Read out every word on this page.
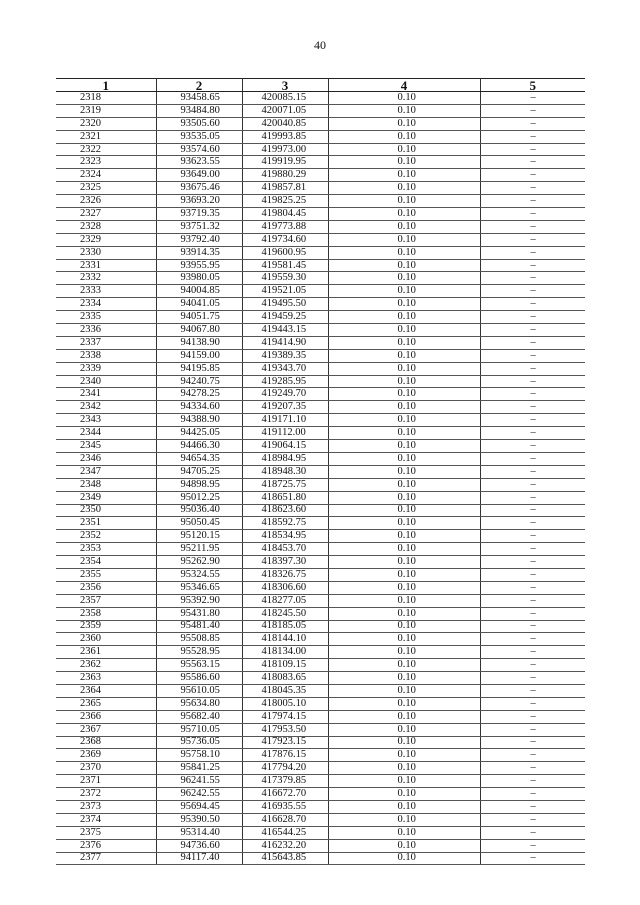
40
1	2	3	4	5
2318	93458.65	420085.15	0.10	–
2319	93484.80	420071.05	0.10	–
2320	93505.60	420040.85	0.10	–
2321	93535.05	419993.85	0.10	–
2322	93574.60	419973.00	0.10	–
2323	93623.55	419919.95	0.10	–
2324	93649.00	419880.29	0.10	–
2325	93675.46	419857.81	0.10	–
2326	93693.20	419825.25	0.10	–
2327	93719.35	419804.45	0.10	–
2328	93751.32	419773.88	0.10	–
2329	93792.40	419734.60	0.10	–
2330	93914.35	419600.95	0.10	–
2331	93955.95	419581.45	0.10	–
2332	93980.05	419559.30	0.10	–
2333	94004.85	419521.05	0.10	–
2334	94041.05	419495.50	0.10	–
2335	94051.75	419459.25	0.10	–
2336	94067.80	419443.15	0.10	–
2337	94138.90	419414.90	0.10	–
2338	94159.00	419389.35	0.10	–
2339	94195.85	419343.70	0.10	–
2340	94240.75	419285.95	0.10	–
2341	94278.25	419249.70	0.10	–
2342	94334.60	419207.35	0.10	–
2343	94388.90	419171.10	0.10	–
2344	94425.05	419112.00	0.10	–
2345	94466.30	419064.15	0.10	–
2346	94654.35	418984.95	0.10	–
2347	94705.25	418948.30	0.10	–
2348	94898.95	418725.75	0.10	–
2349	95012.25	418651.80	0.10	–
2350	95036.40	418623.60	0.10	–
2351	95050.45	418592.75	0.10	–
2352	95120.15	418534.95	0.10	–
2353	95211.95	418453.70	0.10	–
2354	95262.90	418397.30	0.10	–
2355	95324.55	418326.75	0.10	–
2356	95346.65	418306.60	0.10	–
2357	95392.90	418277.05	0.10	–
2358	95431.80	418245.50	0.10	–
2359	95481.40	418185.05	0.10	–
2360	95508.85	418144.10	0.10	–
2361	95528.95	418134.00	0.10	–
2362	95563.15	418109.15	0.10	–
2363	95586.60	418083.65	0.10	–
2364	95610.05	418045.35	0.10	–
2365	95634.80	418005.10	0.10	–
2366	95682.40	417974.15	0.10	–
2367	95710.05	417953.50	0.10	–
2368	95736.05	417923.15	0.10	–
2369	95758.10	417876.15	0.10	–
2370	95841.25	417794.20	0.10	–
2371	96241.55	417379.85	0.10	–
2372	96242.55	416672.70	0.10	–
2373	95694.45	416935.55	0.10	–
2374	95390.50	416628.70	0.10	–
2375	95314.40	416544.25	0.10	–
2376	94736.60	416232.20	0.10	–
2377	94117.40	415643.85	0.10	–
